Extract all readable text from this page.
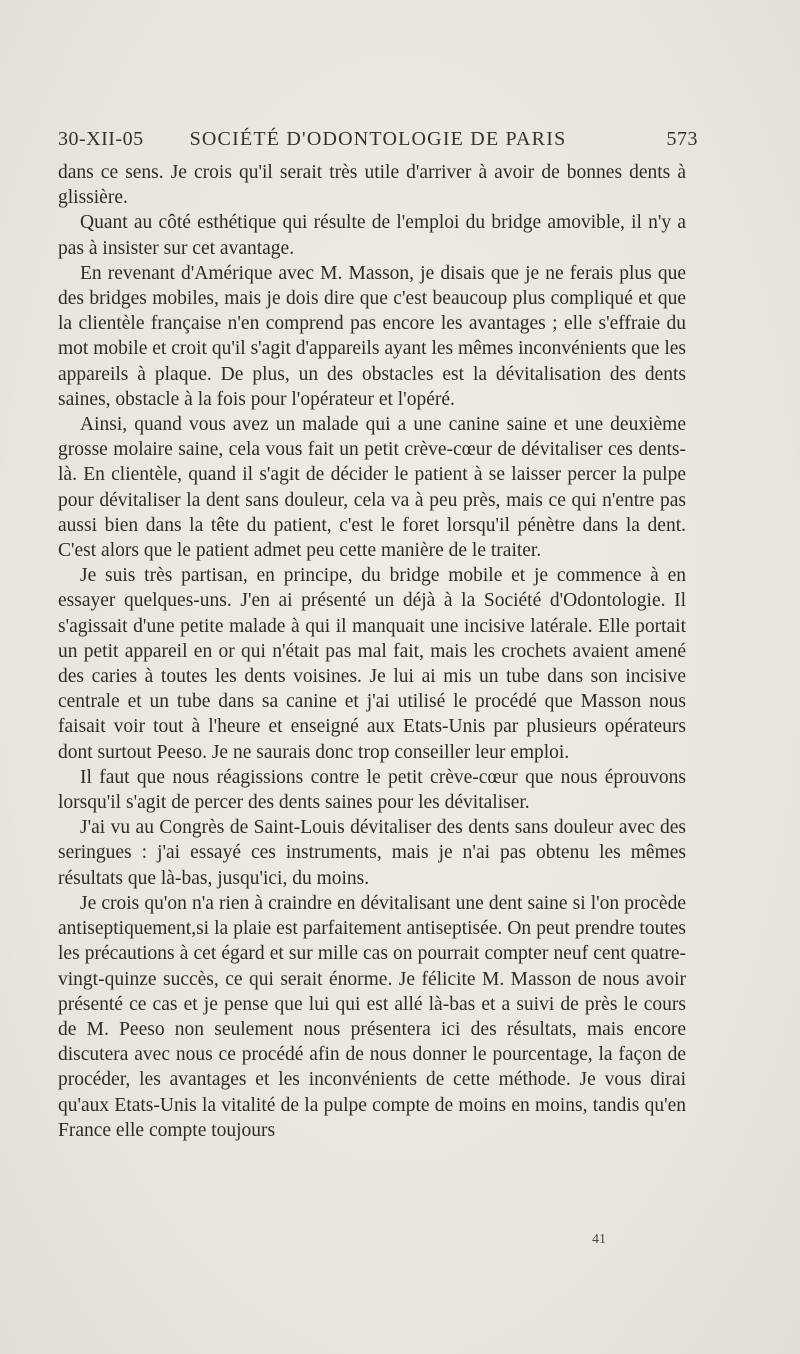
30-XII-05	SOCIÉTÉ D'ODONTOLOGIE DE PARIS	573

dans ce sens. Je crois qu'il serait très utile d'arriver à avoir de bonnes dents à glissière.

Quant au côté esthétique qui résulte de l'emploi du bridge amovible, il n'y a pas à insister sur cet avantage.

En revenant d'Amérique avec M. Masson, je disais que je ne ferais plus que des bridges mobiles, mais je dois dire que c'est beaucoup plus compliqué et que la clientèle française n'en comprend pas encore les avantages ; elle s'effraie du mot mobile et croit qu'il s'agit d'appareils ayant les mêmes inconvénients que les appareils à plaque. De plus, un des obstacles est la dévitalisation des dents saines, obstacle à la fois pour l'opérateur et l'opéré.

Ainsi, quand vous avez un malade qui a une canine saine et une deuxième grosse molaire saine, cela vous fait un petit crève-cœur de dévitaliser ces dents-là. En clientèle, quand il s'agit de décider le patient à se laisser percer la pulpe pour dévitaliser la dent sans douleur, cela va à peu près, mais ce qui n'entre pas aussi bien dans la tête du patient, c'est le foret lorsqu'il pénètre dans la dent. C'est alors que le patient admet peu cette manière de le traiter.

Je suis très partisan, en principe, du bridge mobile et je commence à en essayer quelques-uns. J'en ai présenté un déjà à la Société d'Odontologie. Il s'agissait d'une petite malade à qui il manquait une incisive latérale. Elle portait un petit appareil en or qui n'était pas mal fait, mais les crochets avaient amené des caries à toutes les dents voisines. Je lui ai mis un tube dans son incisive centrale et un tube dans sa canine et j'ai utilisé le procédé que Masson nous faisait voir tout à l'heure et enseigné aux Etats-Unis par plusieurs opérateurs dont surtout Peeso. Je ne saurais donc trop conseiller leur emploi.

Il faut que nous réagissions contre le petit crève-cœur que nous éprouvons lorsqu'il s'agit de percer des dents saines pour les dévitaliser.

J'ai vu au Congrès de Saint-Louis dévitaliser des dents sans douleur avec des seringues : j'ai essayé ces instruments, mais je n'ai pas obtenu les mêmes résultats que là-bas, jusqu'ici, du moins.

Je crois qu'on n'a rien à craindre en dévitalisant une dent saine si l'on procède antiseptiquement,si la plaie est parfaitement antiseptisée. On peut prendre toutes les précautions à cet égard et sur mille cas on pourrait compter neuf cent quatre-vingt-quinze succès, ce qui serait énorme. Je félicite M. Masson de nous avoir présenté ce cas et je pense que lui qui est allé là-bas et a suivi de près le cours de M. Peeso non seulement nous présentera ici des résultats, mais encore discutera avec nous ce procédé afin de nous donner le pourcentage, la façon de procéder, les avantages et les inconvénients de cette méthode. Je vous dirai qu'aux Etats-Unis la vitalité de la pulpe compte de moins en moins, tandis qu'en France elle compte toujours

41
